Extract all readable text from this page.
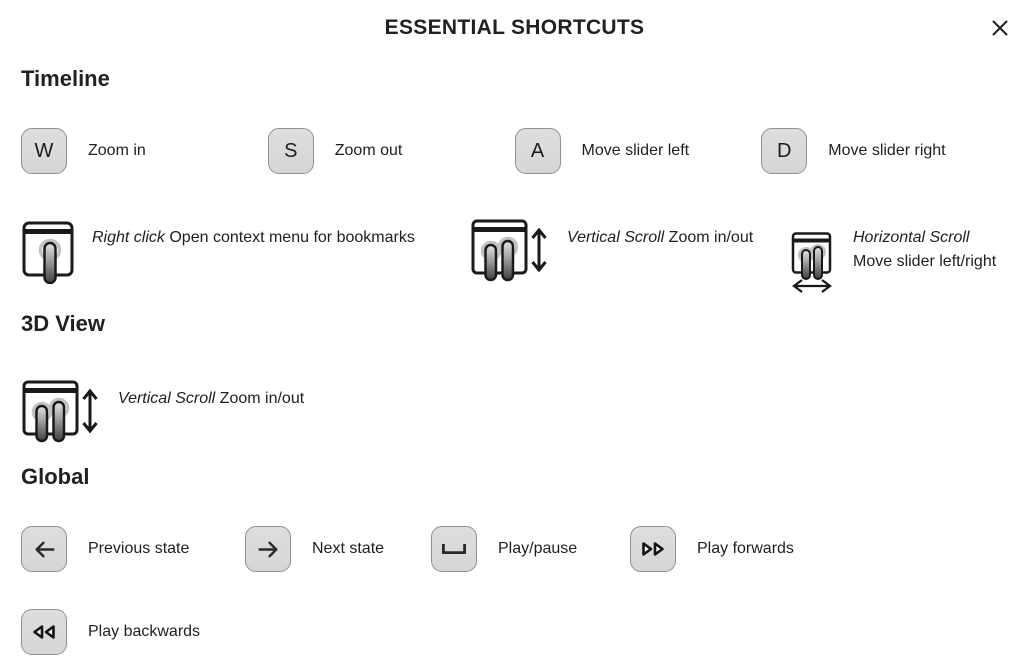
ESSENTIAL SHORTCUTS
Timeline
W	Zoom in	S	Zoom out	A	Move slider left	D	Move slider right
Right click Open context menu for bookmarks	Vertical Scroll Zoom in/out	Horizontal Scroll Move slider left/right
3D View
Vertical Scroll Zoom in/out
Global
Previous state	Next state	Play/pause	Play forwards
Play backwards
